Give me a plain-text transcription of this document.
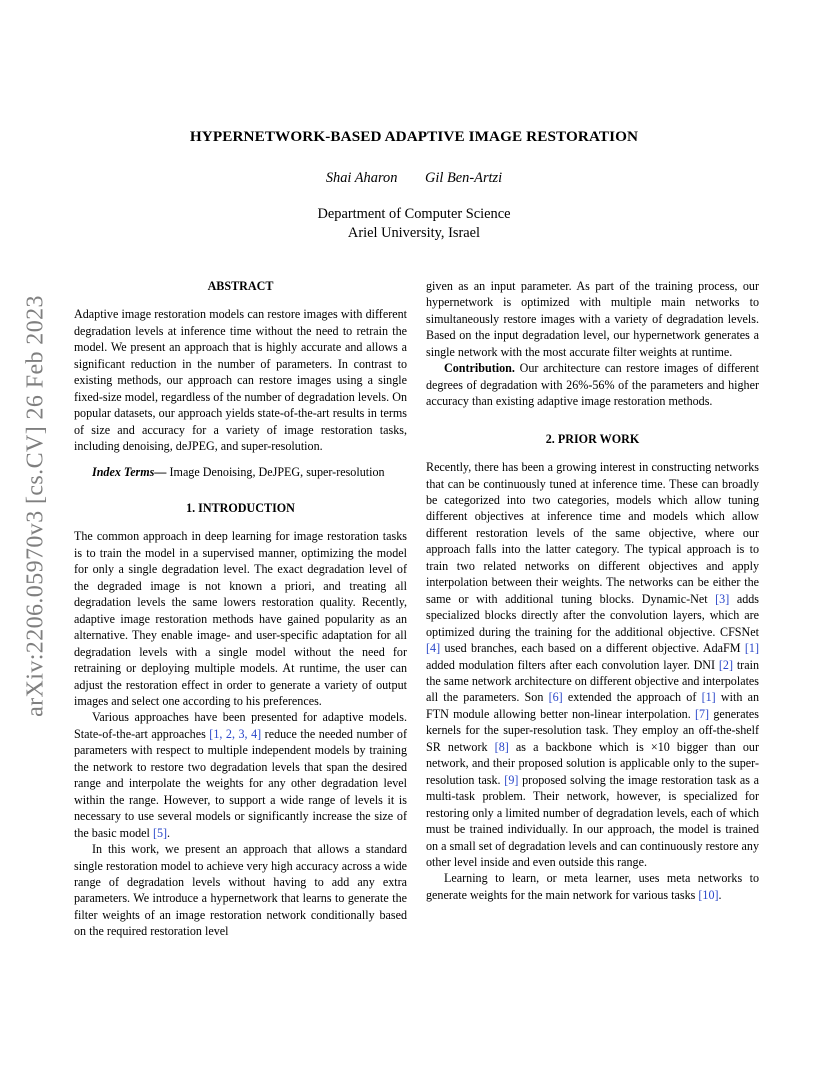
arXiv:2206.05970v3 [cs.CV] 26 Feb 2023
HYPERNETWORK-BASED ADAPTIVE IMAGE RESTORATION
Shai Aharon Gil Ben-Artzi
Department of Computer Science
Ariel University, Israel
ABSTRACT

Adaptive image restoration models can restore images with different degradation levels at inference time without the need to retrain the model. We present an approach that is highly accurate and allows a significant reduction in the number of parameters. In contrast to existing methods, our approach can restore images using a single fixed-size model, regardless of the number of degradation levels. On popular datasets, our approach yields state-of-the-art results in terms of size and accuracy for a variety of image restoration tasks, including denoising, deJPEG, and super-resolution.

Index Terms— Image Denoising, DeJPEG, super-resolution

1. INTRODUCTION

The common approach in deep learning for image restoration tasks is to train the model in a supervised manner, optimizing the model for only a single degradation level. The exact degradation level of the degraded image is not known a priori, and treating all degradation levels the same lowers restoration quality. Recently, adaptive image restoration methods have gained popularity as an alternative. They enable image- and user-specific adaptation for all degradation levels with a single model without the need for retraining or deploying multiple models. At runtime, the user can adjust the restoration effect in order to generate a variety of output images and select one according to his preferences.

Various approaches have been presented for adaptive models. State-of-the-art approaches [1, 2, 3, 4] reduce the needed number of parameters with respect to multiple independent models by training the network to restore two degradation levels that span the desired range and interpolate the weights for any other degradation level within the range. However, to support a wide range of levels it is necessary to use several models or significantly increase the size of the basic model [5].

In this work, we present an approach that allows a standard single restoration model to achieve very high accuracy across a wide range of degradation levels without having to add any extra parameters. We introduce a hypernetwork that learns to generate the filter weights of an image restoration network conditionally based on the required restoration level

given as an input parameter. As part of the training process, our hypernetwork is optimized with multiple main networks to simultaneously restore images with a variety of degradation levels. Based on the input degradation level, our hypernetwork generates a single network with the most accurate filter weights at runtime.

Contribution. Our architecture can restore images of different degrees of degradation with 26%-56% of the parameters and higher accuracy than existing adaptive image restoration methods.

2. PRIOR WORK

Recently, there has been a growing interest in constructing networks that can be continuously tuned at inference time. These can broadly be categorized into two categories, models which allow tuning different objectives at inference time and models which allow different restoration levels of the same objective, where our approach falls into the latter category. The typical approach is to train two related networks on different objectives and apply interpolation between their weights. The networks can be either the same or with additional tuning blocks. Dynamic-Net [3] adds specialized blocks directly after the convolution layers, which are optimized during the training for the additional objective. CFSNet [4] used branches, each based on a different objective. AdaFM [1] added modulation filters after each convolution layer. DNI [2] train the same network architecture on different objective and interpolates all the parameters. Son [6] extended the approach of [1] with an FTN module allowing better non-linear interpolation. [7] generates kernels for the super-resolution task. They employ an off-the-shelf SR network [8] as a backbone which is ×10 bigger than our network, and their proposed solution is applicable only to the super-resolution task. [9] proposed solving the image restoration task as a multi-task problem. Their network, however, is specialized for restoring only a limited number of degradation levels, each of which must be trained individually. In our approach, the model is trained on a small set of degradation levels and can continuously restore any other level inside and even outside this range.

Learning to learn, or meta learner, uses meta networks to generate weights for the main network for various tasks [10].
